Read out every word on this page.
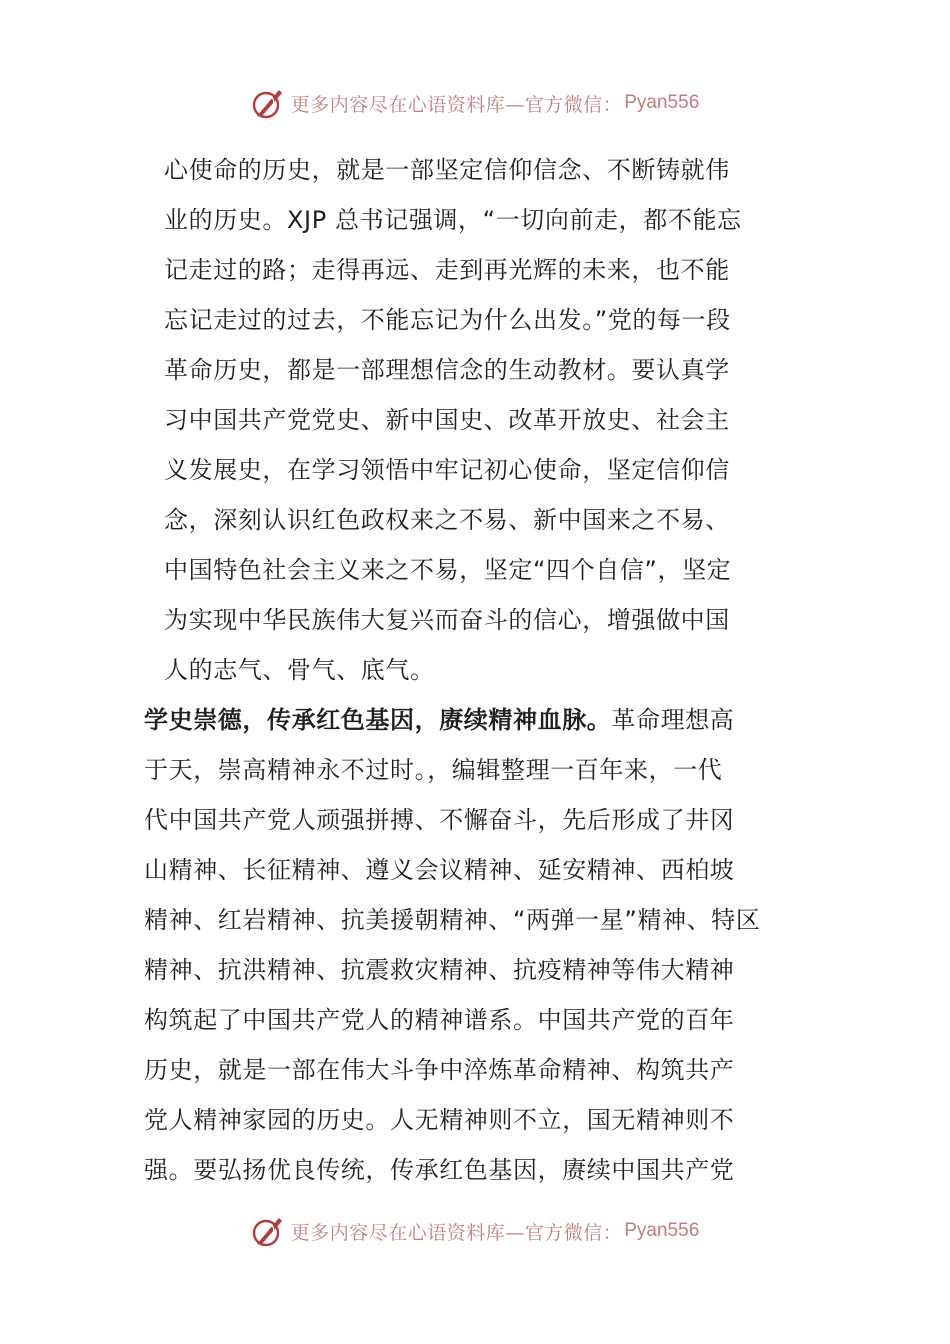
更多内容尽在心语资料库—官方微信： Pyan556
心使命的历史，就是一部坚定信仰信念、不断铸就伟
业的历史。XJP 总书记强调，“一切向前走，都不能忘
记走过的路；走得再远、走到再光辉的未来，也不能
忘记走过的过去，不能忘记为什么出发。”党的每一段
革命历史，都是一部理想信念的生动教材。要认真学
习中国共产党党史、新中国史、改革开放史、社会主
义发展史，在学习领悟中牢记初心使命，坚定信仰信
念，深刻认识红色政权来之不易、新中国来之不易、
中国特色社会主义来之不易，坚定“四个自信”，坚定
为实现中华民族伟大复兴而奋斗的信心，增强做中国
人的志气、骨气、底气。
学史崇德，传承红色基因，赓续精神血脉。革命理想高
于天，崇高精神永不过时。，编辑整理一百年来，一代
代中国共产党人顽强拼搏、不懈奋斗，先后形成了井冈
山精神、长征精神、遵义会议精神、延安精神、西柏坡
精神、红岩精神、抗美援朝精神、“两弹一星”精神、特区
精神、抗洪精神、抗震救灾精神、抗疫精神等伟大精神
构筑起了中国共产党人的精神谱系。中国共产党的百年
历史，就是一部在伟大斗争中淬炼革命精神、构筑共产
党人精神家园的历史。人无精神则不立，国无精神则不
强。要弘扬优良传统，传承红色基因，赓续中国共产党
更多内容尽在心语资料库—官方微信： Pyan556
